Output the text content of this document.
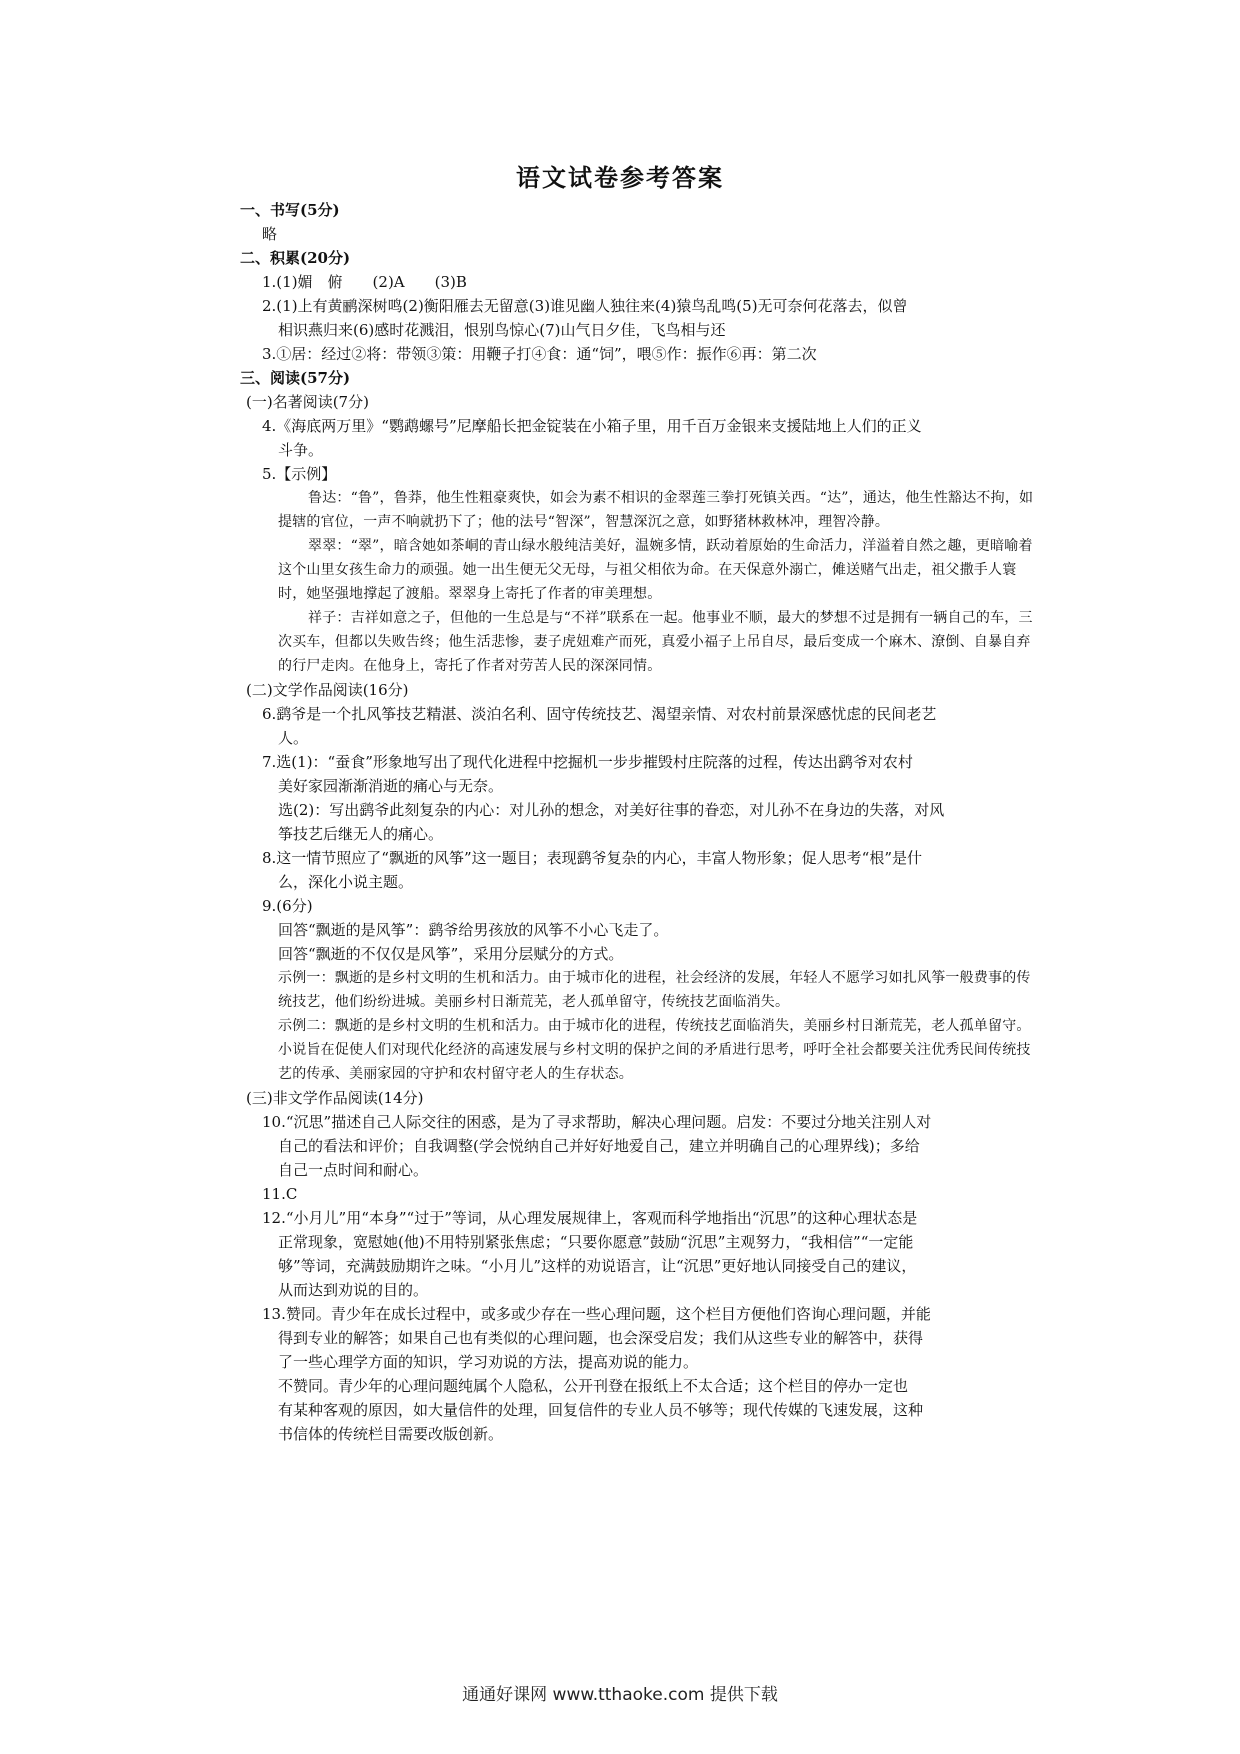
语文试卷参考答案
一、书写(5分)
略
二、积累(20分)
1.(1)媚　俯　　(2)A　　(3)B
2.(1)上有黄鹂深树鸣(2)衡阳雁去无留意(3)谁见幽人独往来(4)猿鸟乱鸣(5)无可奈何花落去，似曾
相识燕归来(6)感时花溅泪，恨别鸟惊心(7)山气日夕佳，飞鸟相与还
3.①居：经过②将：带领③策：用鞭子打④食：通“饲”，喂⑤作：振作⑥再：第二次
三、阅读(57分)
(一)名著阅读(7分)
4.《海底两万里》“鹦鹉螺号”尼摩船长把金锭装在小箱子里，用千百万金银来支援陆地上人们的正义
斗争。
5.【示例】
鲁达：“鲁”，鲁莽，他生性粗豪爽快，如会为素不相识的金翠莲三拳打死镇关西。“达”，通达，他生性豁达不拘，如提辖的官位，一声不响就扔下了；他的法号“智深”，智慧深沉之意，如野猪林救林冲，理智冷静。
翠翠：“翠”，暗含她如茶峒的青山绿水般纯洁美好，温婉多情，跃动着原始的生命活力，洋溢着自然之趣，更暗喻着这个山里女孩生命力的顽强。她一出生便无父无母，与祖父相依为命。在天保意外溺亡，傩送赌气出走，祖父撒手人寰时，她坚强地撑起了渡船。翠翠身上寄托了作者的审美理想。
祥子：吉祥如意之子，但他的一生总是与“不祥”联系在一起。他事业不顺，最大的梦想不过是拥有一辆自己的车，三次买车，但都以失败告终；他生活悲惨，妻子虎妞难产而死，真爱小福子上吊自尽，最后变成一个麻木、潦倒、自暴自弃的行尸走肉。在他身上，寄托了作者对劳苦人民的深深同情。
(二)文学作品阅读(16分)
6.鹞爷是一个扎风筝技艺精湛、淡泊名利、固守传统技艺、渴望亲情、对农村前景深感忧虑的民间老艺
人。
7.选(1)：“蚕食”形象地写出了现代化进程中挖掘机一步步摧毁村庄院落的过程，传达出鹞爷对农村
美好家园渐渐消逝的痛心与无奈。
选(2)：写出鹞爷此刻复杂的内心：对儿孙的想念，对美好往事的眷恋，对儿孙不在身边的失落，对风
筝技艺后继无人的痛心。
8.这一情节照应了“飘逝的风筝”这一题目；表现鹞爷复杂的内心，丰富人物形象；促人思考“根”是什
么，深化小说主题。
9.(6分)
回答“飘逝的是风筝”：鹞爷给男孩放的风筝不小心飞走了。
回答“飘逝的不仅仅是风筝”，采用分层赋分的方式。
示例一：飘逝的是乡村文明的生机和活力。由于城市化的进程，社会经济的发展，年轻人不愿学习如扎风筝一般费事的传统技艺，他们纷纷进城。美丽乡村日渐荒芜，老人孤单留守，传统技艺面临消失。
示例二：飘逝的是乡村文明的生机和活力。由于城市化的进程，传统技艺面临消失，美丽乡村日渐荒芜，老人孤单留守。小说旨在促使人们对现代化经济的高速发展与乡村文明的保护之间的矛盾进行思考，呼吁全社会都要关注优秀民间传统技艺的传承、美丽家园的守护和农村留守老人的生存状态。
(三)非文学作品阅读(14分)
10.“沉思”描述自己人际交往的困惑，是为了寻求帮助，解决心理问题。启发：不要过分地关注别人对
自己的看法和评价；自我调整(学会悦纳自己并好好地爱自己，建立并明确自己的心理界线)；多给
自己一点时间和耐心。
11.C
12.“小月儿”用“本身”“过于”等词，从心理发展规律上，客观而科学地指出“沉思”的这种心理状态是
正常现象，宽慰她(他)不用特别紧张焦虑；“只要你愿意”鼓励“沉思”主观努力，“我相信”“一定能
够”等词，充满鼓励期许之味。“小月儿”这样的劝说语言，让“沉思”更好地认同接受自己的建议，
从而达到劝说的目的。
13.赞同。青少年在成长过程中，或多或少存在一些心理问题，这个栏目方便他们咨询心理问题，并能
得到专业的解答；如果自己也有类似的心理问题，也会深受启发；我们从这些专业的解答中，获得
了一些心理学方面的知识，学习劝说的方法，提高劝说的能力。
不赞同。青少年的心理问题纯属个人隐私，公开刊登在报纸上不太合适；这个栏目的停办一定也
有某种客观的原因，如大量信件的处理，回复信件的专业人员不够等；现代传媒的飞速发展，这种
书信体的传统栏目需要改版创新。
通通好课网 www.tthaoke.com 提供下载
